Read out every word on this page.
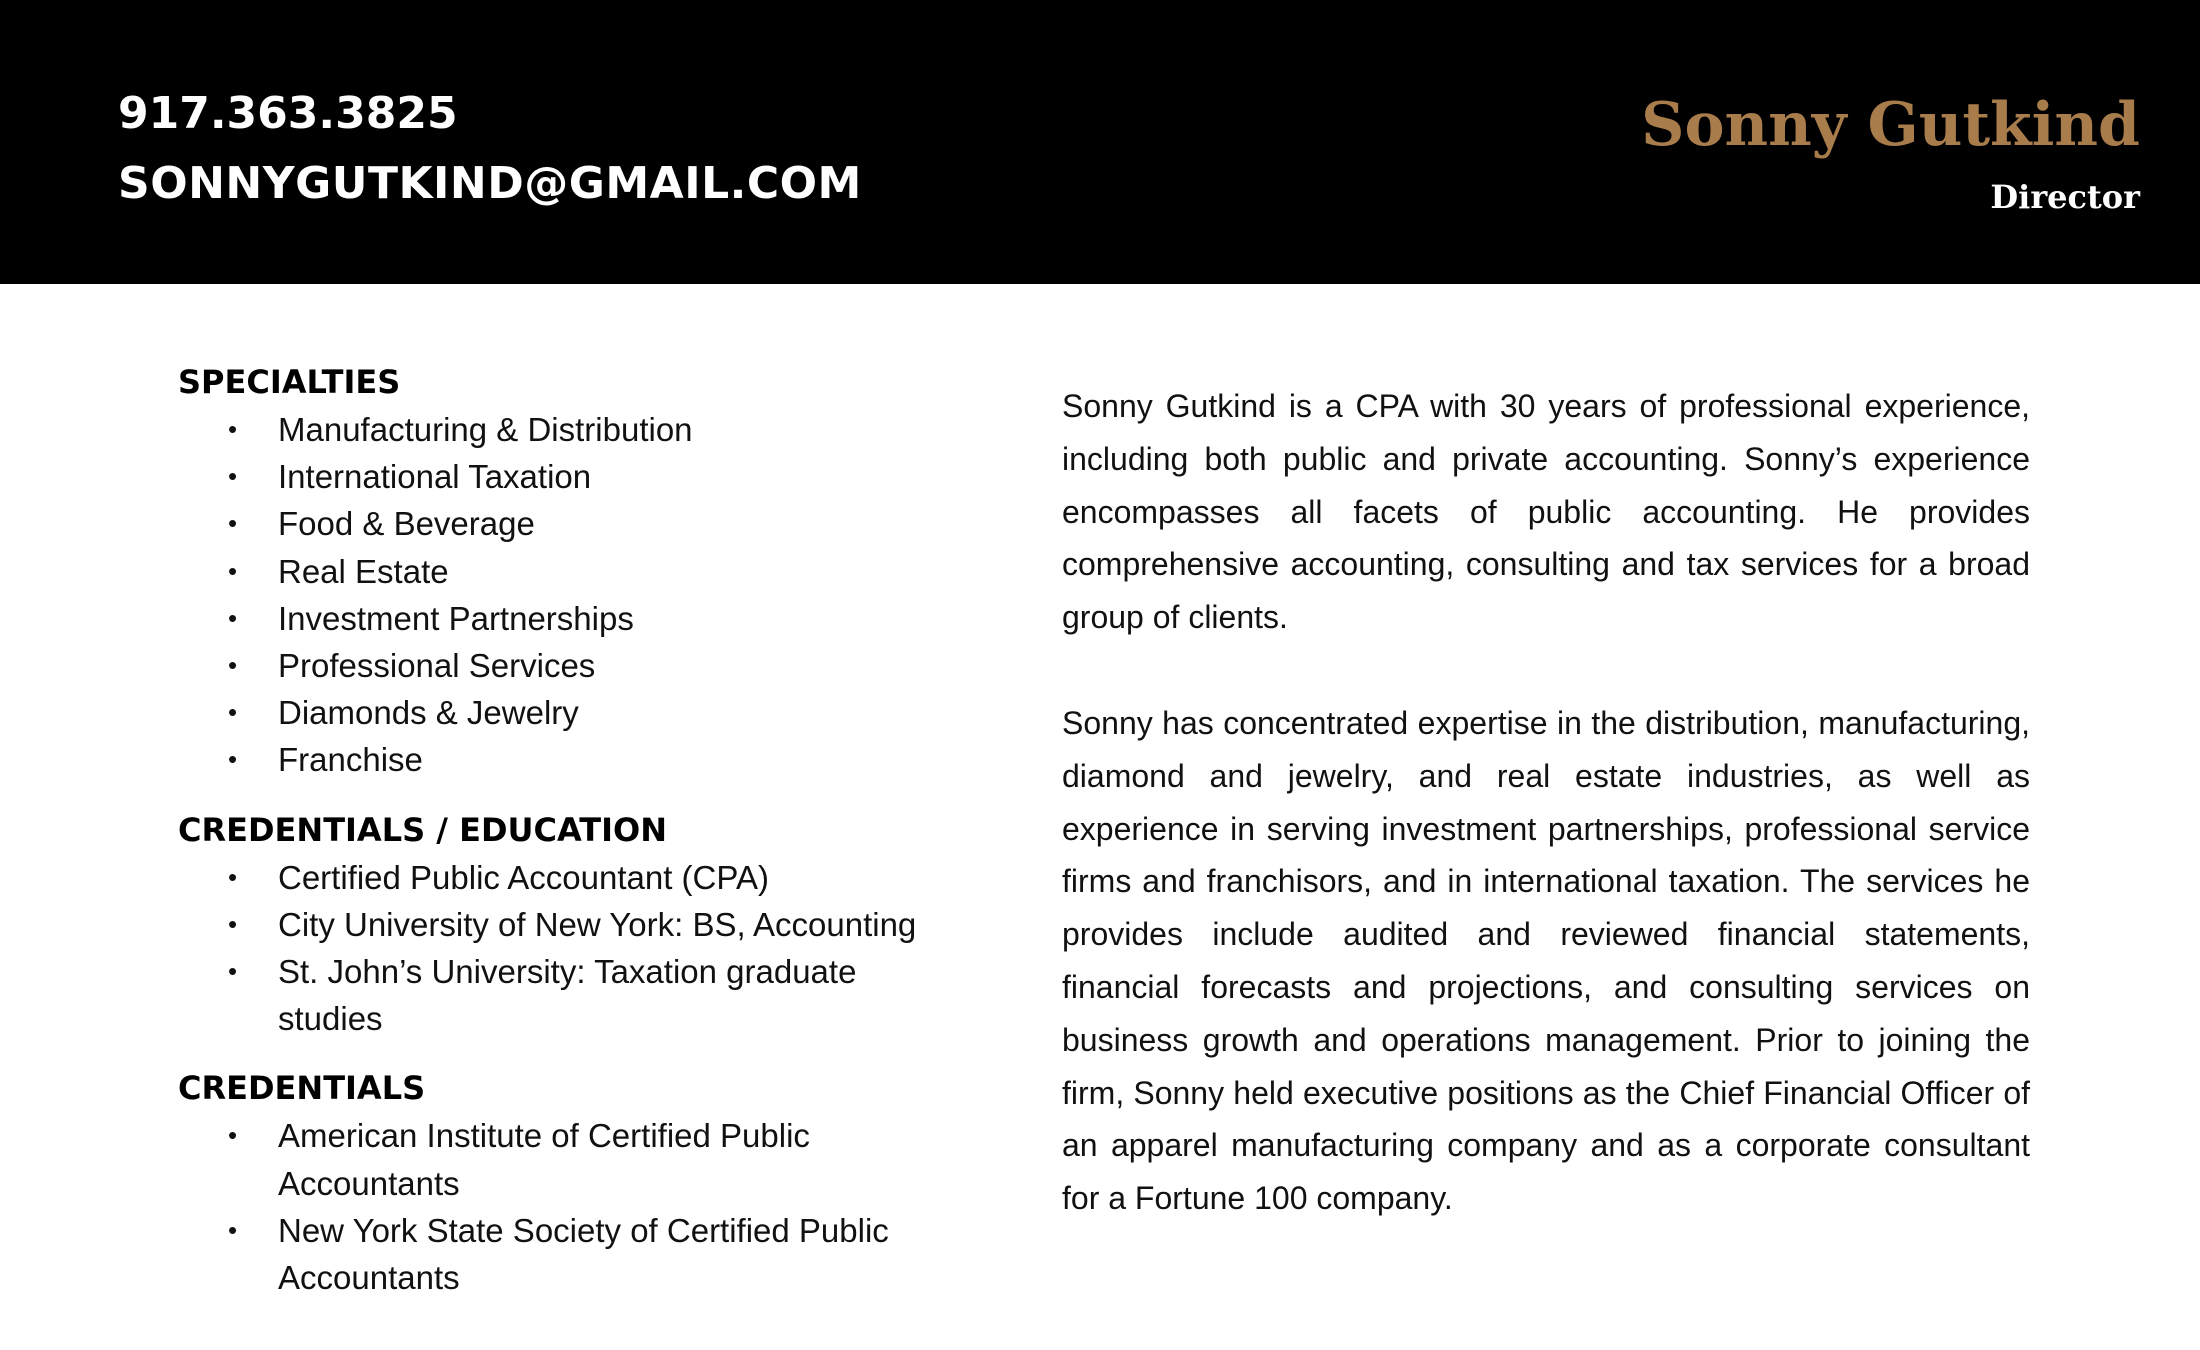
917.363.3825
SONNYGUTKIND@GMAIL.COM
Sonny Gutkind
Director
SPECIALTIES
• Manufacturing & Distribution
• International Taxation
• Food & Beverage
• Real Estate
• Investment Partnerships
• Professional Services
• Diamonds & Jewelry
• Franchise
CREDENTIALS / EDUCATION
• Certified Public Accountant (CPA)
• City University of New York: BS, Accounting
• St. John’s University: Taxation graduate studies
CREDENTIALS
• American Institute of Certified Public Accountants
• New York State Society of Certified Public Accountants

Sonny Gutkind is a CPA with 30 years of professional experience, including both public and private accounting. Sonny’s experience encompasses all facets of public accounting. He provides comprehensive accounting, consulting and tax services for a broad group of clients.

Sonny has concentrated expertise in the distribution, manufacturing, diamond and jewelry, and real estate industries, as well as experience in serving investment partnerships, professional service firms and franchisors, and in international taxation. The services he provides include audited and reviewed financial statements, financial forecasts and projections, and consulting services on business growth and operations management. Prior to joining the firm, Sonny held executive positions as the Chief Financial Officer of an apparel manufacturing company and as a corporate consultant for a Fortune 100 company.
